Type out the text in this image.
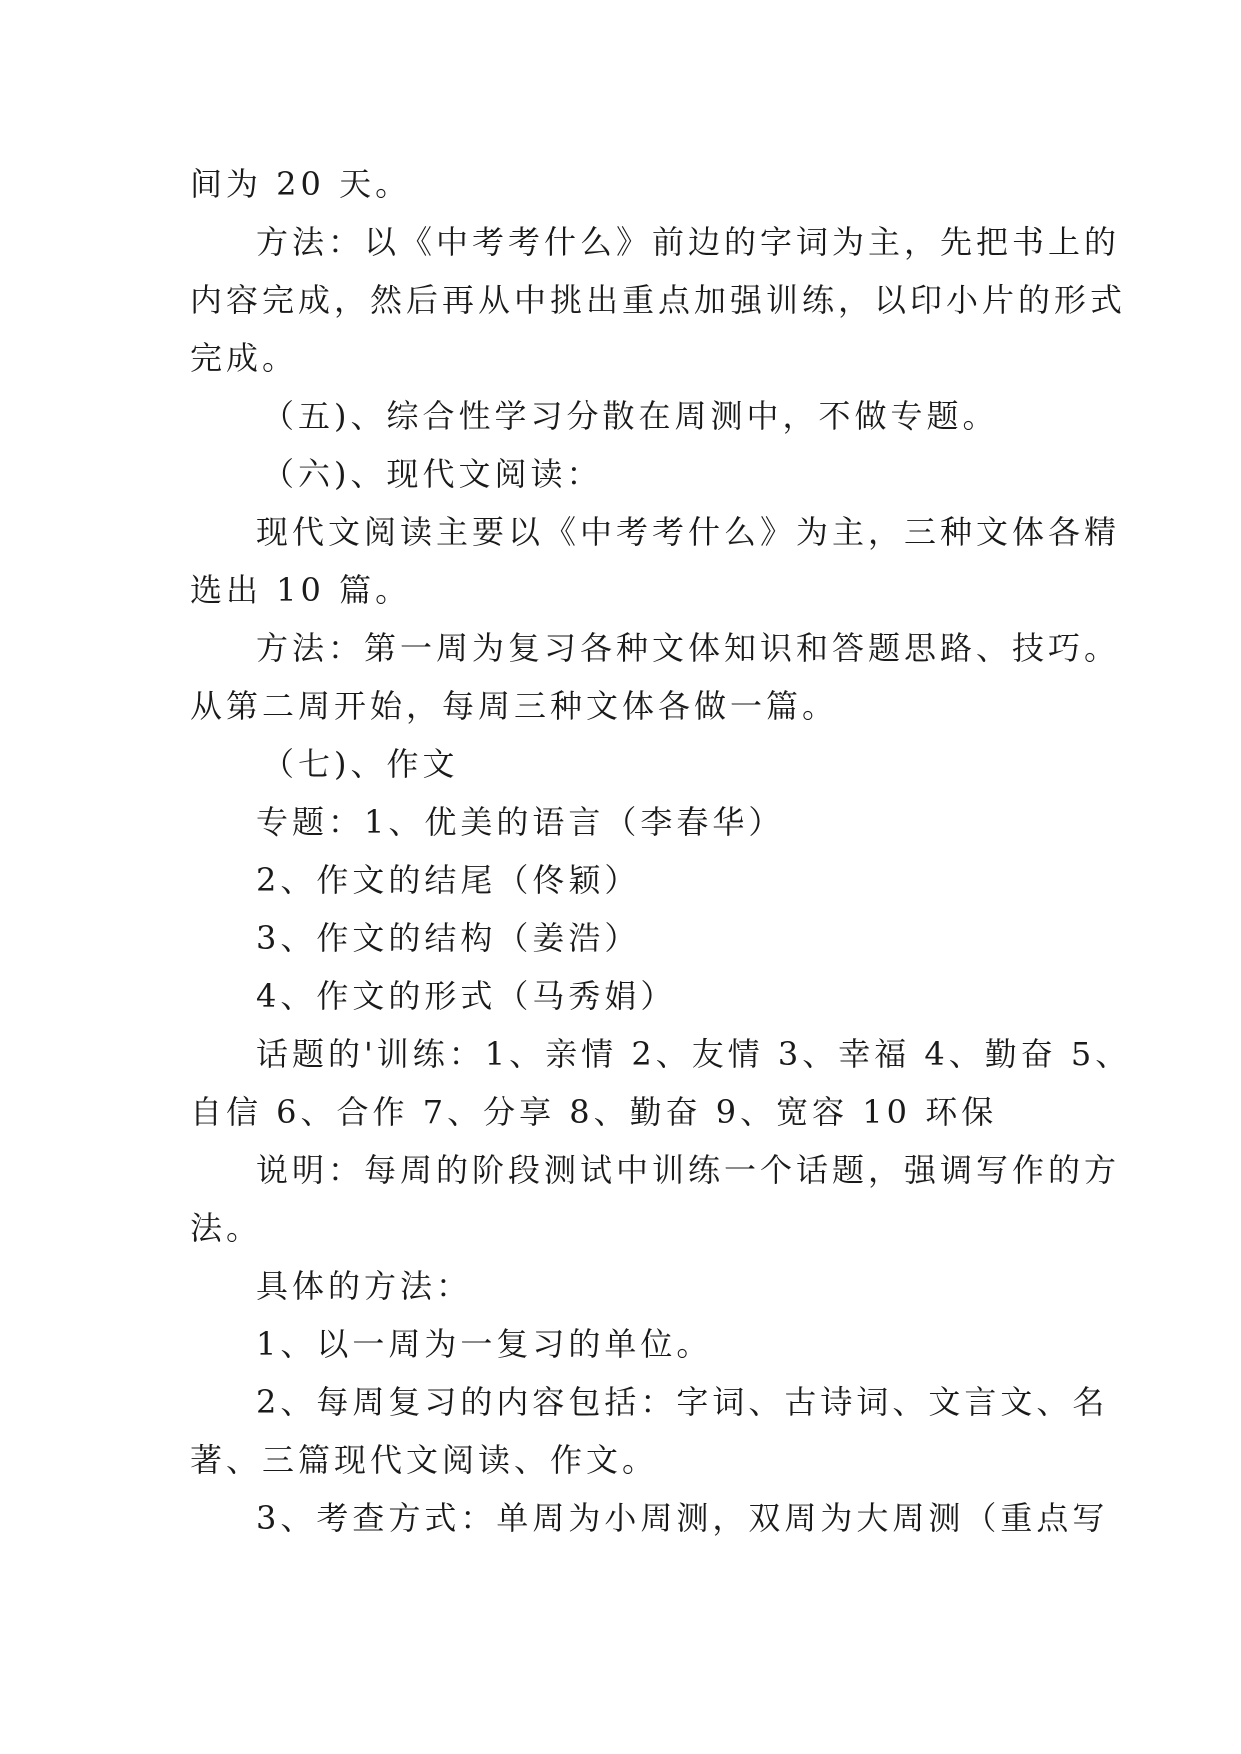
间为 20 天。
方法：以《中考考什么》前边的字词为主，先把书上的
内容完成，然后再从中挑出重点加强训练，以印小片的形式
完成。
（五)、综合性学习分散在周测中，不做专题。
（六)、现代文阅读：
现代文阅读主要以《中考考什么》为主，三种文体各精
选出 10 篇。
方法：第一周为复习各种文体知识和答题思路、技巧。
从第二周开始，每周三种文体各做一篇。
（七)、作文
专题：1、优美的语言（李春华）
2、作文的结尾（佟颖）
3、作文的结构（姜浩）
4、作文的形式（马秀娟）
话题的'训练：1、亲情 2、友情 3、幸福 4、勤奋 5、
自信 6、合作 7、分享 8、勤奋 9、宽容 10 环保
说明：每周的阶段测试中训练一个话题，强调写作的方
法。
具体的方法：
1、以一周为一复习的单位。
2、每周复习的内容包括：字词、古诗词、文言文、名
著、三篇现代文阅读、作文。
3、考查方式：单周为小周测，双周为大周测（重点写
